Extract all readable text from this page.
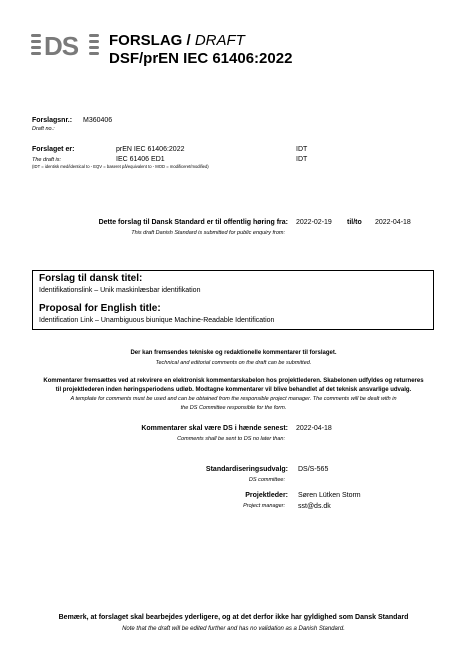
DS FORSLAG / DRAFT
DSF/prEN IEC 61406:2022
Forslagsnr.:
Draft no.:
M360406
Forslaget er:
The draft is:
(IDT = identisk med/identical to - EQV = baseret på/equivalent to - MOD = modificeret/modified)
prEN IEC 61406:2022	IDT
IEC 61406 ED1	IDT
Dette forslag til Dansk Standard er til offentlig høring fra:
This draft Danish Standard is submitted for public enquiry from:
2022-02-19 til/to 2022-04-18
Forslag til dansk titel:
Identifikationslink – Unik maskinlæsbar identifikation
Proposal for English title:
Identification Link – Unambiguous biunique Machine-Readable Identification
Der kan fremsendes tekniske og redaktionelle kommentarer til forslaget.
Technical and editorial comments on the draft can be submitted.
Kommentarer fremsættes ved at rekvirere en elektronisk kommentarskabelon hos projektlederen. Skabelonen udfyldes og returneres
til projektlederen inden høringsperiodens udløb. Modtagne kommentarer vil blive behandlet af det teknisk ansvarlige udvalg.
A template for comments must be used and can be obtained from the responsible project manager. The comments will be dealt with in
the DS Committee responsible for the form.
Kommentarer skal være DS i hænde senest:
Comments shall be sent to DS no later than:
2022-04-18
Standardiseringsudvalg:
DS committee:
DS/S-565
Projektleder:
Project manager:
Søren Lütken Storm
sst@ds.dk
Bemærk, at forslaget skal bearbejdes yderligere, og at det derfor ikke har gyldighed som Dansk Standard
Note that the draft will be edited further and has no validation as a Danish Standard.
